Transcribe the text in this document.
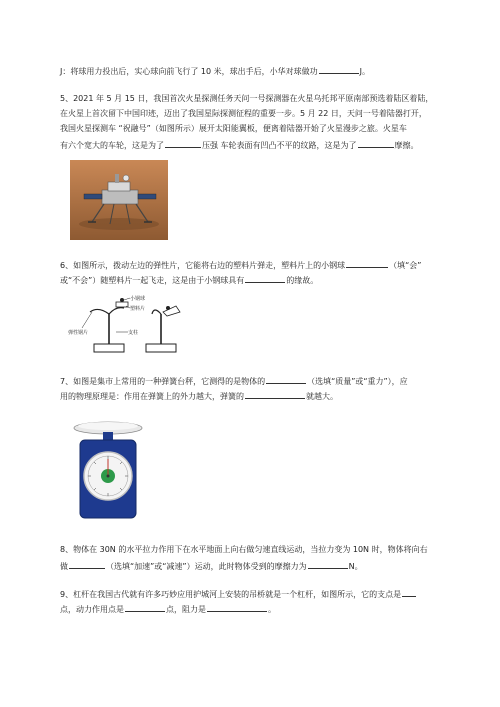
J：将球用力投出后，实心球向前飞行了 10 米，球出手后，小华对球做功	J。
5、2021 年 5 月 15 日，我国首次火星探测任务天问一号探测器在火星乌托邦平原南部预选着陆区着陆，
在火星上首次留下中国印迹，迈出了我国星际探测征程的重要一步。5 月 22 日，天问一号着陆器打开，
我国火星探测车 “祝融号”（如图所示）展开太阳能翼板，便离着陆器开始了火星漫步之旅。火星车
有六个宽大的车轮，这是为了	压强 车轮表面有凹凸不平的纹路，这是为了	摩擦。
6、如图所示，拨动左边的弹性片，它能将右边的塑料片弹走，塑料片上的小钢球	（填“会”
或“不会”）随塑料片一起飞走，这是由于小钢球具有	的缘故。
小钢球
塑料片
弹性钢片	支柱
7、如图是集市上常用的一种弹簧台秤，它测得的是物体的	（选填“质量”或“重力”），应
用的物理原理是：作用在弹簧上的外力越大，弹簧的	就越大。
8、物体在 30N 的水平拉力作用下在水平地面上向右做匀速直线运动，当拉力变为 10N 时，物体将向右
做	（选填“加速”或“减速”）运动，此时物体受到的摩擦力为	N。
9、杠杆在我国古代就有许多巧妙应用护城河上安装的吊桥就是一个杠杆，如图所示，它的支点是
点，动力作用点是	点，阻力是	。
